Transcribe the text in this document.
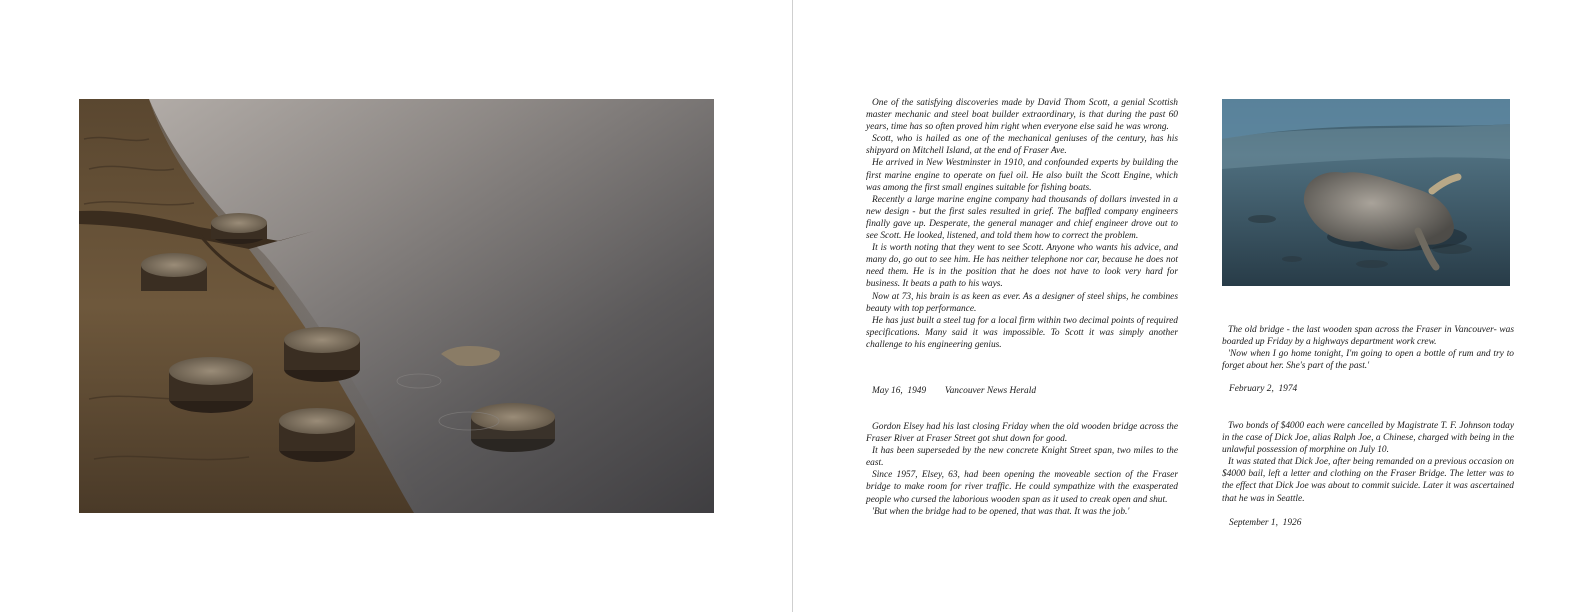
One of the satisfying discoveries made by David Thom Scott, a genial Scottish master mechanic and steel boat builder extraordinary, is that during the past 60 years, time has so often proved him right when everyone else said he was wrong.

Scott, who is hailed as one of the mechanical geniuses of the century, has his shipyard on Mitchell Island, at the end of Fraser Ave.

He arrived in New Westminster in 1910, and confounded experts by building the first marine engine to operate on fuel oil. He also built the Scott Engine, which was among the first small engines suitable for fishing boats.

Recently a large marine engine company had thousands of dollars invested in a new design - but the first sales resulted in grief. The baffled company engineers finally gave up. Desperate, the general manager and chief engineer drove out to see Scott. He looked, listened, and told them how to correct the problem.

It is worth noting that they went to see Scott. Anyone who wants his advice, and many do, go out to see him. He has neither telephone nor car, because he does not need them. He is in the position that he does not have to look very hard for business. It beats a path to his ways.

Now at 73, his brain is as keen as ever. As a designer of steel ships, he combines beauty with top performance.

He has just built a steel tug for a local firm within two decimal points of required specifications. Many said it was impossible. To Scott it was simply another challenge to his engineering genius.

May 16,  1949        Vancouver News Herald

Gordon Elsey had his last closing Friday when the old wooden bridge across the Fraser River at Fraser Street got shut down for good.

It has been superseded by the new concrete Knight Street span, two miles to the east.

Since 1957, Elsey, 63, had been opening the moveable section of the Fraser bridge to make room for river traffic. He could sympathize with the exasperated people who cursed the laborious wooden span as it used to creak open and shut.

'But when the bridge had to be opened, that was that. It was the job.'

The old bridge - the last wooden span across the Fraser in Vancouver- was boarded up Friday by a highways department work crew.

'Now when I go home tonight, I'm going to open a bottle of rum and try to forget about her. She's part of the past.'

February 2,  1974

Two bonds of $4000 each were cancelled by Magistrate T. F. Johnson today in the case of Dick Joe, alias Ralph Joe, a Chinese, charged with being in the unlawful possession of morphine on July 10.

It was stated that Dick Joe, after being remanded on a previous occasion on $4000 bail, left a letter and clothing on the Fraser Bridge. The letter was to the effect that Dick Joe was about to commit suicide. Later it was ascertained that he was in Seattle.

September 1,  1926
